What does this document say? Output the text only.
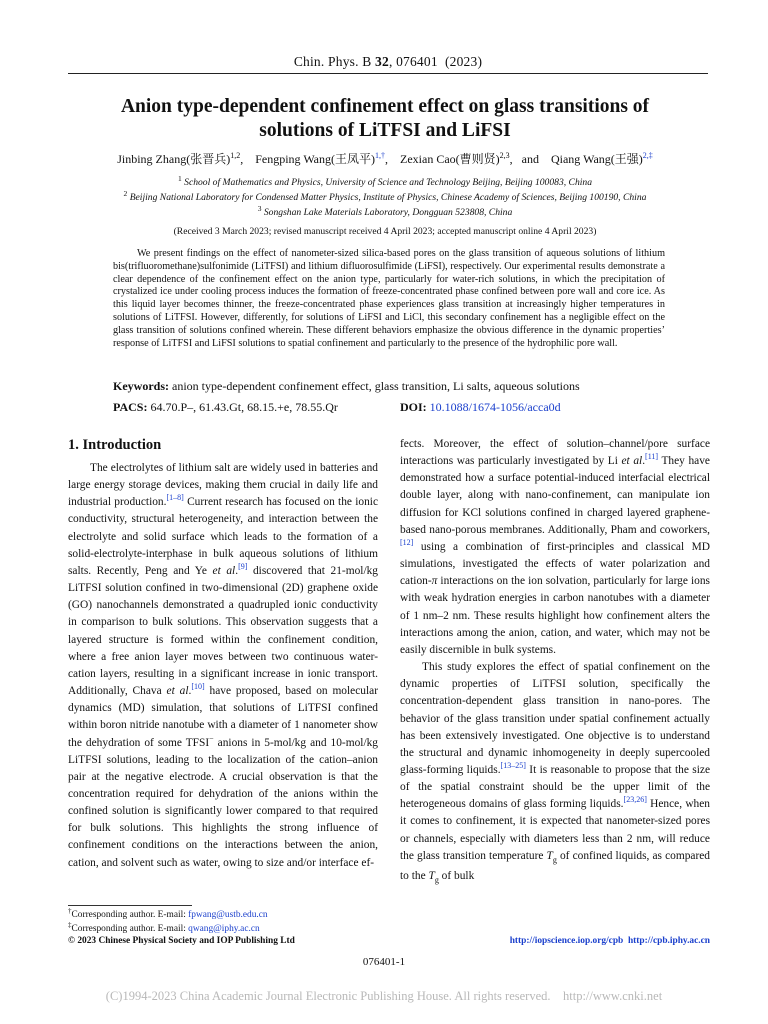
Chin. Phys. B 32, 076401 (2023)
Anion type-dependent confinement effect on glass transitions of
solutions of LiTFSI and LiFSI
Jinbing Zhang(张晋兵)$^{1,2}$,    Fengping Wang(王凤平)$^{1,\dagger}$,    Zexian Cao(曹则贤)$^{2,3}$,   and    Qiang Wang(王强)$^{2,\ddagger}$
$^1$ School of Mathematics and Physics, University of Science and Technology Beijing, Beijing 100083, China
$^2$ Beijing National Laboratory for Condensed Matter Physics, Institute of Physics, Chinese Academy of Sciences, Beijing 100190, China
$^3$ Songshan Lake Materials Laboratory, Dongguan 523808, China
(Received 3 March 2023; revised manuscript received 4 April 2023; accepted manuscript online 4 April 2023)
We present findings on the effect of nanometer-sized silica-based pores on the glass transition of aqueous solutions of lithium bis(trifluoromethane)sulfonimide (LiTFSI) and lithium difluorosulfimide (LiFSI), respectively. Our experimental results demonstrate a clear dependence of the confinement effect on the anion type, particularly for water-rich solutions, in which the precipitation of crystalized ice under cooling process induces the formation of freeze-concentrated phase confined between pore wall and core ice. As this liquid layer becomes thinner, the freeze-concentrated phase experiences glass transition at increasingly higher temperatures in solutions of LiTFSI. However, differently, for solutions of LiFSI and LiCl, this secondary confinement has a negligible effect on the glass transition of solutions confined wherein. These different behaviors emphasize the obvious difference in the dynamic properties’ response of LiTFSI and LiFSI solutions to spatial confinement and particularly to the presence of the hydrophilic pore wall.
Keywords: anion type-dependent confinement effect, glass transition, Li salts, aqueous solutions
PACS: 64.70.P–, 61.43.Gt, 68.15.+e, 78.55.Qr	DOI: 10.1088/1674-1056/acca0d

1. Introduction

The electrolytes of lithium salt are widely used in batteries and large energy storage devices, making them crucial in daily life and industrial production.[1–8] Current research has focused on the ionic conductivity, structural heterogeneity, and interaction between the electrolyte and solid surface which leads to the formation of a solid-electrolyte-interphase in bulk aqueous solutions of lithium salts. Recently, Peng and Ye et al.[9] discovered that 21-mol/kg LiTFSI solution confined in two-dimensional (2D) graphene oxide (GO) nanochannels demonstrated a quadrupled ionic conductivity in comparison to bulk solutions. This observation suggests that a layered structure is formed within the confinement condition, where a free anion layer moves between two continuous water-cation layers, resulting in a significant increase in ionic transport. Additionally, Chava et al.[10] have proposed, based on molecular dynamics (MD) simulation, that solutions of LiTFSI confined within boron nitride nanotube with a diameter of 1 nanometer show the dehydration of some TFSI− anions in 5-mol/kg and 10-mol/kg LiTFSI solutions, leading to the localization of the cation–anion pair at the negative electrode. A crucial observation is that the concentration required for dehydration of the anions within the confined solution is significantly lower compared to that required for bulk solutions. This highlights the strong influence of confinement conditions on the interactions between the anion, cation, and solvent such as water, owing to size and/or interface ef-

fects. Moreover, the effect of solution–channel/pore surface interactions was particularly investigated by Li et al.[11] They have demonstrated how a surface potential-induced interfacial electrical double layer, along with nano-confinement, can manipulate ion diffusion for KCl solutions confined in charged layered graphene-based nano-porous membranes. Additionally, Pham and coworkers,[12] using a combination of first-principles and classical MD simulations, investigated the effects of water polarization and cation-π interactions on the ion solvation, particularly for large ions with weak hydration energies in carbon nanotubes with a diameter of 1 nm–2 nm. These results highlight how confinement alters the interactions among the anion, cation, and water, which may not be easily discernible in bulk systems.

This study explores the effect of spatial confinement on the dynamic properties of LiTFSI solution, specifically the concentration-dependent glass transition in nano-pores. The behavior of the glass transition under spatial confinement actually has been extensively investigated. One objective is to understand the structural and dynamic inhomogeneity in deeply supercooled glass-forming liquids.[13–25] It is reasonable to propose that the size of the spatial constraint should be the upper limit of the heterogeneous domains of glass forming liquids.[23,26] Hence, when it comes to confinement, it is expected that nanometer-sized pores or channels, especially with diameters less than 2 nm, will reduce the glass transition temperature $T_g$ of confined liquids, as compared to the $T_g$ of bulk

†Corresponding author. E-mail: fpwang@ustb.edu.cn
‡Corresponding author. E-mail: qwang@iphy.ac.cn
© 2023 Chinese Physical Society and IOP Publishing Ltd	http://iopscience.iop.org/cpb  http://cpb.iphy.ac.cn
076401-1
(C)1994-2023 China Academic Journal Electronic Publishing House. All rights reserved.    http://www.cnki.net
